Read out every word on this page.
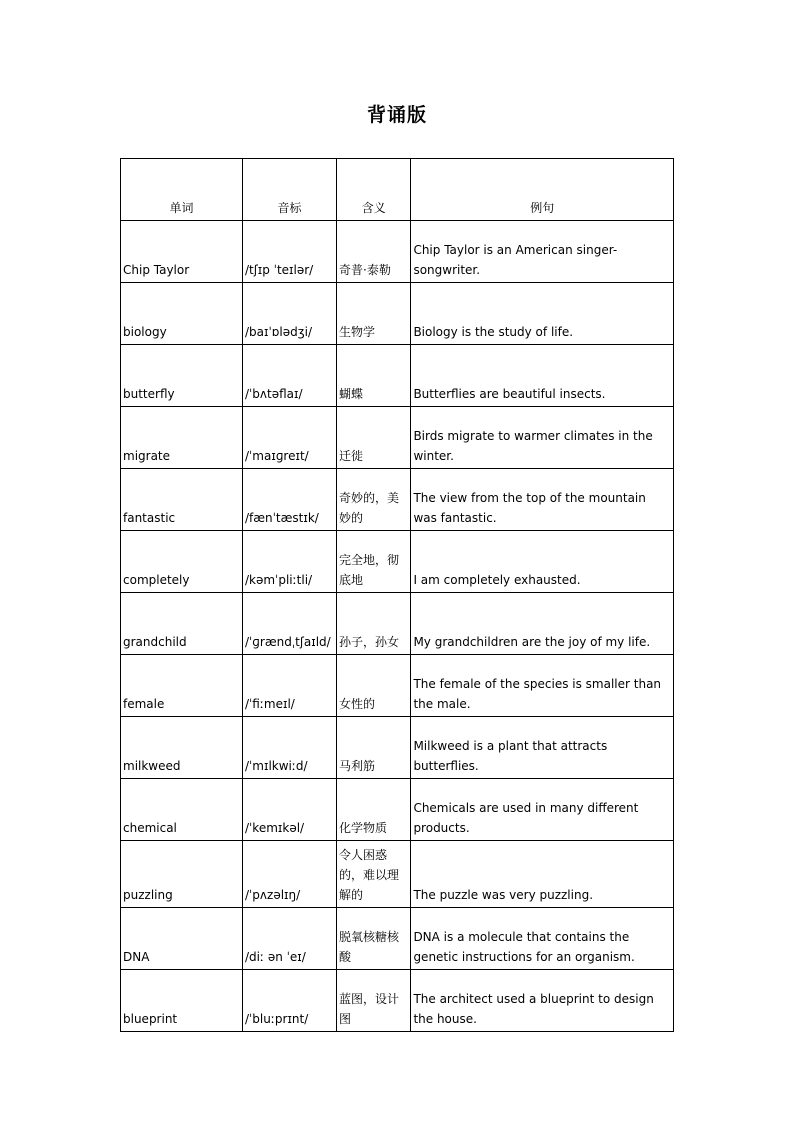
背诵版
单词	音标	含义	例句
Chip Taylor	/tʃɪp ˈteɪlər/	奇普·泰勒	Chip Taylor is an American singer-songwriter.
biology	/baɪˈɒlədʒi/	生物学	Biology is the study of life.
butterfly	/ˈbʌtəflaɪ/	蝴蝶	Butterflies are beautiful insects.
migrate	/ˈmaɪɡreɪt/	迁徙	Birds migrate to warmer climates in the winter.
fantastic	/fænˈtæstɪk/	奇妙的，美妙的	The view from the top of the mountain was fantastic.
completely	/kəmˈpliːtli/	完全地，彻底地	I am completely exhausted.
grandchild	/ˈɡrændˌtʃaɪld/	孙子，孙女	My grandchildren are the joy of my life.
female	/ˈfiːmeɪl/	女性的	The female of the species is smaller than the male.
milkweed	/ˈmɪlkwiːd/	马利筋	Milkweed is a plant that attracts butterflies.
chemical	/ˈkemɪkəl/	化学物质	Chemicals are used in many different products.
puzzling	/ˈpʌzəlɪŋ/	令人困惑的，难以理解的	The puzzle was very puzzling.
DNA	/diː ən ˈeɪ/	脱氧核糖核酸	DNA is a molecule that contains the genetic instructions for an organism.
blueprint	/ˈbluːprɪnt/	蓝图，设计图	The architect used a blueprint to design the house.
